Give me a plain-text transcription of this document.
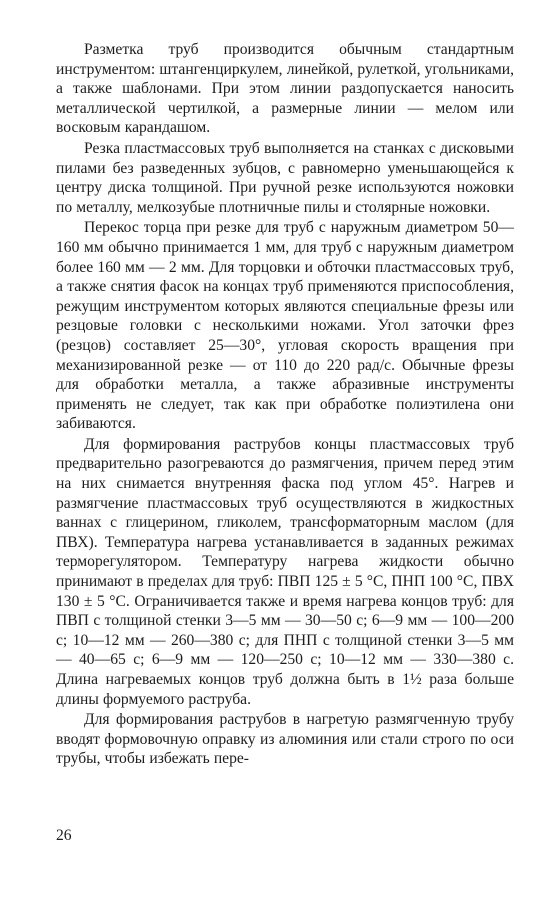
Разметка труб производится обычным стандартным инструментом: штангенциркулем, линейкой, рулеткой, угольниками, а также шаблонами. При этом линии раздопускается наносить металлической чертилкой, а размерные линии — мелом или восковым карандашом.

Резка пластмассовых труб выполняется на станках с дисковыми пилами без разведенных зубцов, с равномерно уменьшающейся к центру диска толщиной. При ручной резке используются ножовки по металлу, мелкозубые плотничные пилы и столярные ножовки.

Перекос торца при резке для труб с наружным диаметром 50—160 мм обычно принимается 1 мм, для труб с наружным диаметром более 160 мм — 2 мм. Для торцовки и обточки пластмассовых труб, а также снятия фасок на концах труб применяются приспособления, режущим инструментом которых являются специальные фрезы или резцовые головки с несколькими ножами. Угол заточки фрез (резцов) составляет 25—30°, угловая скорость вращения при механизированной резке — от 110 до 220 рад/с. Обычные фрезы для обработки металла, а также абразивные инструменты применять не следует, так как при обработке полиэтилена они забиваются.

Для формирования раструбов концы пластмассовых труб предварительно разогреваются до размягчения, причем перед этим на них снимается внутренняя фаска под углом 45°. Нагрев и размягчение пластмассовых труб осуществляются в жидкостных ваннах с глицерином, гликолем, трансформаторным маслом (для ПВХ). Температура нагрева устанавливается в заданных режимах терморегулятором. Температуру нагрева жидкости обычно принимают в пределах для труб: ПВП 125 ± 5 °С, ПНП 100 °С, ПВХ 130 ± 5 °С. Ограничивается также и время нагрева концов труб: для ПВП с толщиной стенки 3—5 мм — 30—50 с; 6—9 мм — 100—200 с; 10—12 мм — 260—380 с; для ПНП с толщиной стенки 3—5 мм — 40—65 с; 6—9 мм — 120—250 с; 10—12 мм — 330—380 с. Длина нагреваемых концов труб должна быть в 1½ раза больше длины формуемого раструба.

Для формирования раструбов в нагретую размягченную трубу вводят формовочную оправку из алюминия или стали строго по оси трубы, чтобы избежать пере-

26
